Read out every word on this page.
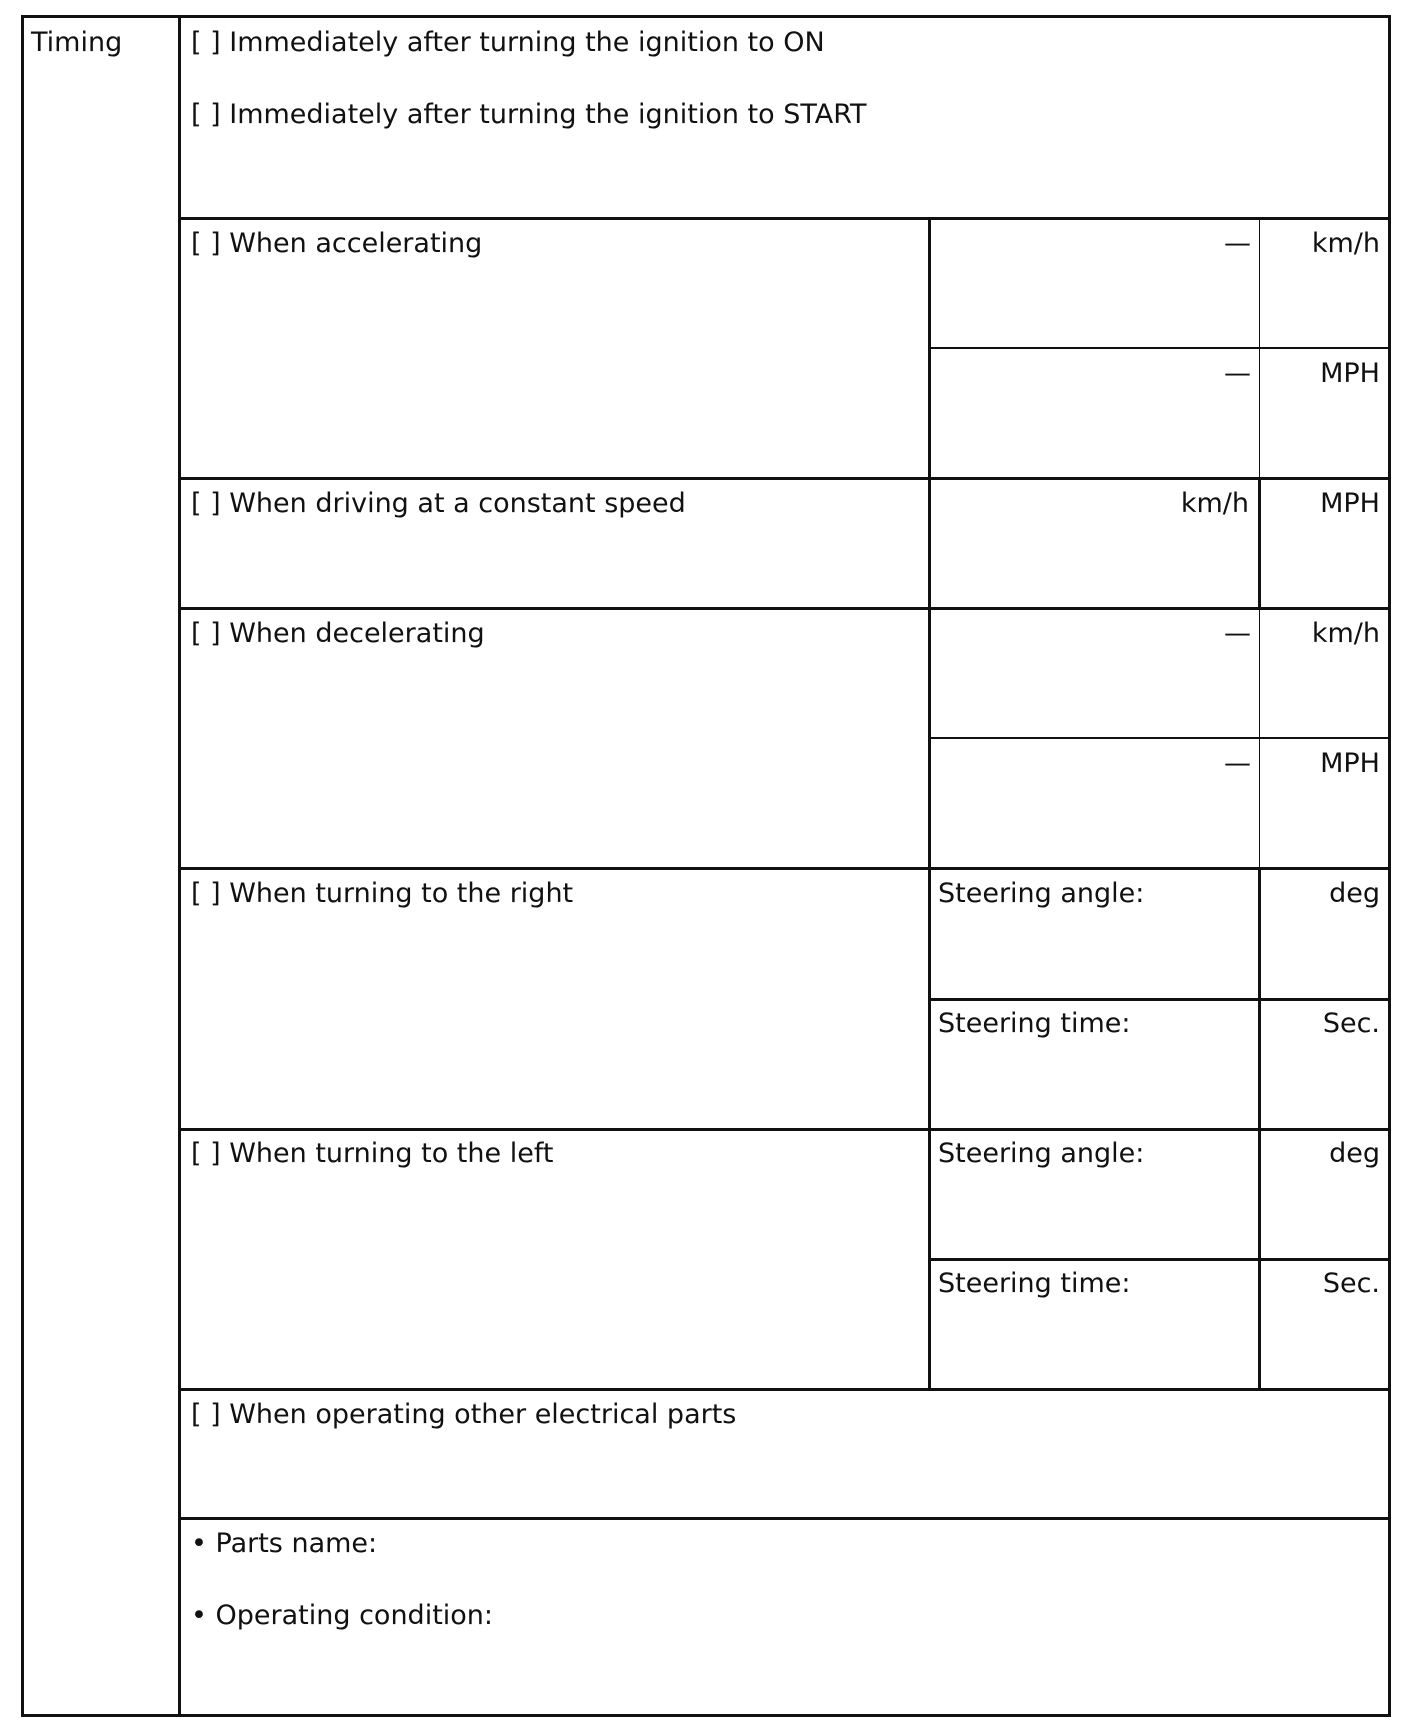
Timing	[ ] Immediately after turning the ignition to ON
[ ] Immediately after turning the ignition to START
[ ] When accelerating	—	km/h
—	MPH
[ ] When driving at a constant speed	km/h	MPH
[ ] When decelerating	—	km/h
—	MPH
[ ] When turning to the right	Steering angle:	deg
Steering time:	Sec.
[ ] When turning to the left	Steering angle:	deg
Steering time:	Sec.
[ ] When operating other electrical parts
• Parts name:
• Operating condition:
